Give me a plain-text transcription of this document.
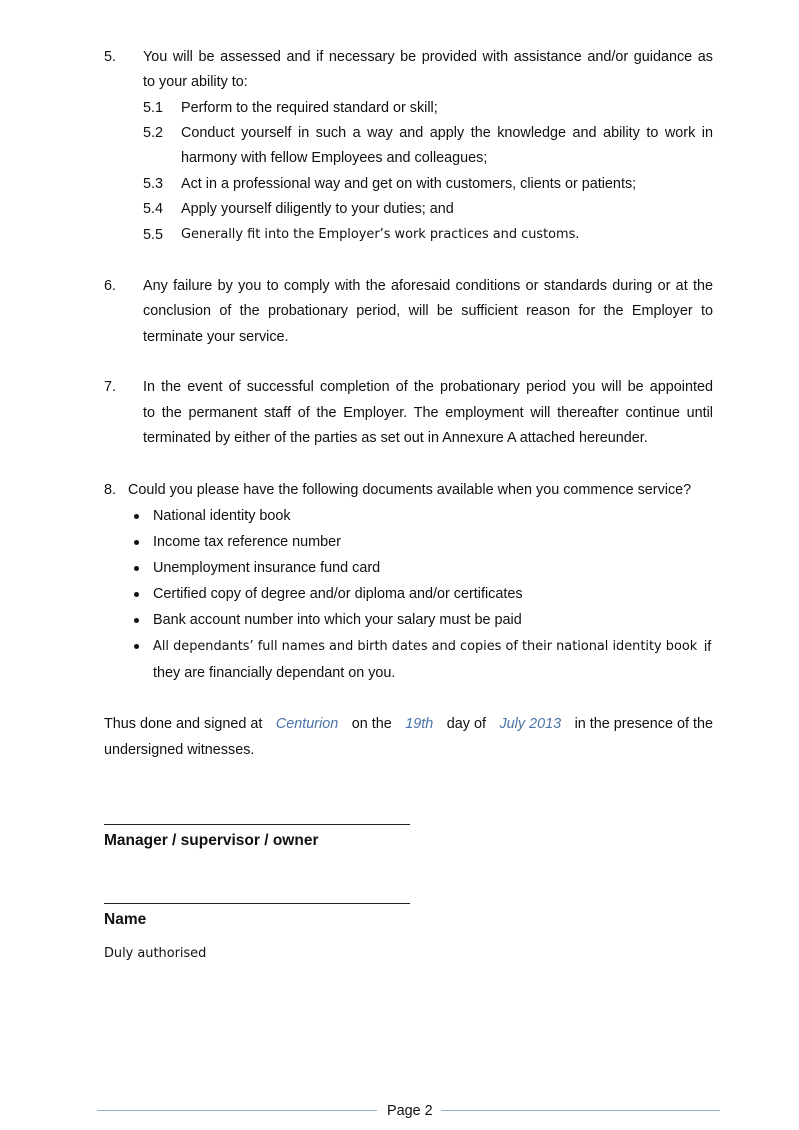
5. You will be assessed and if necessary be provided with assistance and/or guidance as
to your ability to:
5.1 Perform to the required standard or skill;
5.2 Conduct yourself in such a way and apply the knowledge and ability to work in
harmony with fellow Employees and colleagues;
5.3 Act in a professional way and get on with customers, clients or patients;
5.4 Apply yourself diligently to your duties; and
5.5 Generally fit into the Employer’s work practices and customs.
6. Any failure by you to comply with the aforesaid conditions or standards during or at the
conclusion of the probationary period, will be sufficient reason for the Employer to
terminate your service.
7. In the event of successful completion of the probationary period you will be appointed
to the permanent staff of the Employer. The employment will thereafter continue until
terminated by either of the parties as set out in Annexure A attached hereunder.
8. Could you please have the following documents available when you commence service?
National identity book
Income tax reference number
Unemployment insurance fund card
Certified copy of degree and/or diploma and/or certificates
Bank account number into which your salary must be paid
All dependants’ full names and birth dates and copies of their national identity book if
they are financially dependant on you.
Thus done and signed at Centurion on the 19th day of July 2013 in the presence of the
undersigned witnesses.
Manager / supervisor / owner
Name
Duly authorised
Page 2
